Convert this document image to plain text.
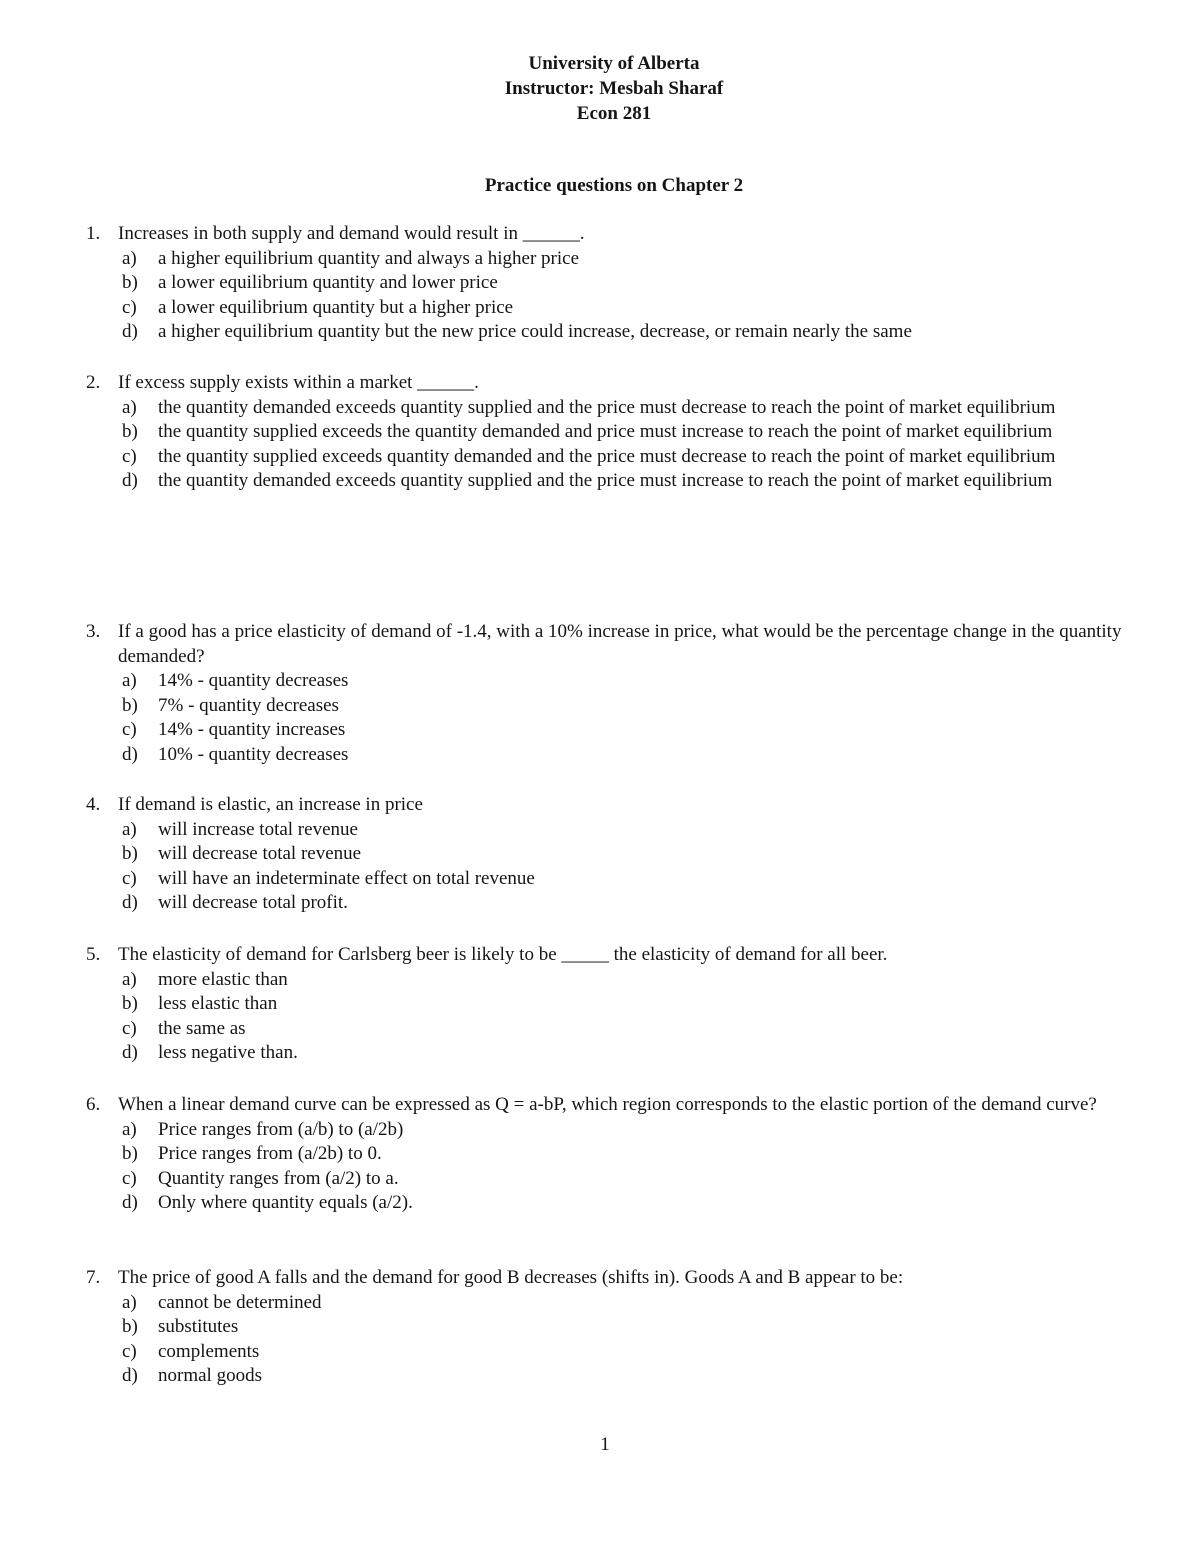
University of Alberta
Instructor: Mesbah Sharaf
Econ 281
Practice questions on Chapter 2
1. Increases in both supply and demand would result in ______.
a)	a higher equilibrium quantity and always a higher price
b)	a lower equilibrium quantity and lower price
c)	a lower equilibrium quantity but a higher price
d)	a higher equilibrium quantity but the new price could increase, decrease, or remain nearly the same
2. If excess supply exists within a market ______.
a)	the quantity demanded exceeds quantity supplied and the price must decrease to reach the point of market equilibrium
b)	the quantity supplied exceeds the quantity demanded and price must increase to reach the point of market equilibrium
c)	the quantity supplied exceeds quantity demanded and the price must decrease to reach the point of market equilibrium
d)	the quantity demanded exceeds quantity supplied and the price must increase to reach the point of market equilibrium
3. If a good has a price elasticity of demand of -1.4, with a 10% increase in price, what would be the percentage change in the quantity demanded?
a)	14% - quantity decreases
b)	7% - quantity decreases
c)	14% - quantity increases
d)	10% - quantity decreases
4. If demand is elastic, an increase in price
a)	will increase total revenue
b)	will decrease total revenue
c)	will have an indeterminate effect on total revenue
d)	will decrease total profit.
5. The elasticity of demand for Carlsberg beer is likely to be _____ the elasticity of demand for all beer.
a)	more elastic than
b)	less elastic than
c)	the same as
d)	less negative than.
6. When a linear demand curve can be expressed as Q = a-bP, which region corresponds to the elastic portion of the demand curve?
a)	Price ranges from (a/b) to (a/2b)
b)	Price ranges from (a/2b) to 0.
c)	Quantity ranges from (a/2) to a.
d)	Only where quantity equals (a/2).
7. The price of good A falls and the demand for good B decreases (shifts in). Goods A and B appear to be:
a)	cannot be determined
b)	substitutes
c)	complements
d)	normal goods
1
